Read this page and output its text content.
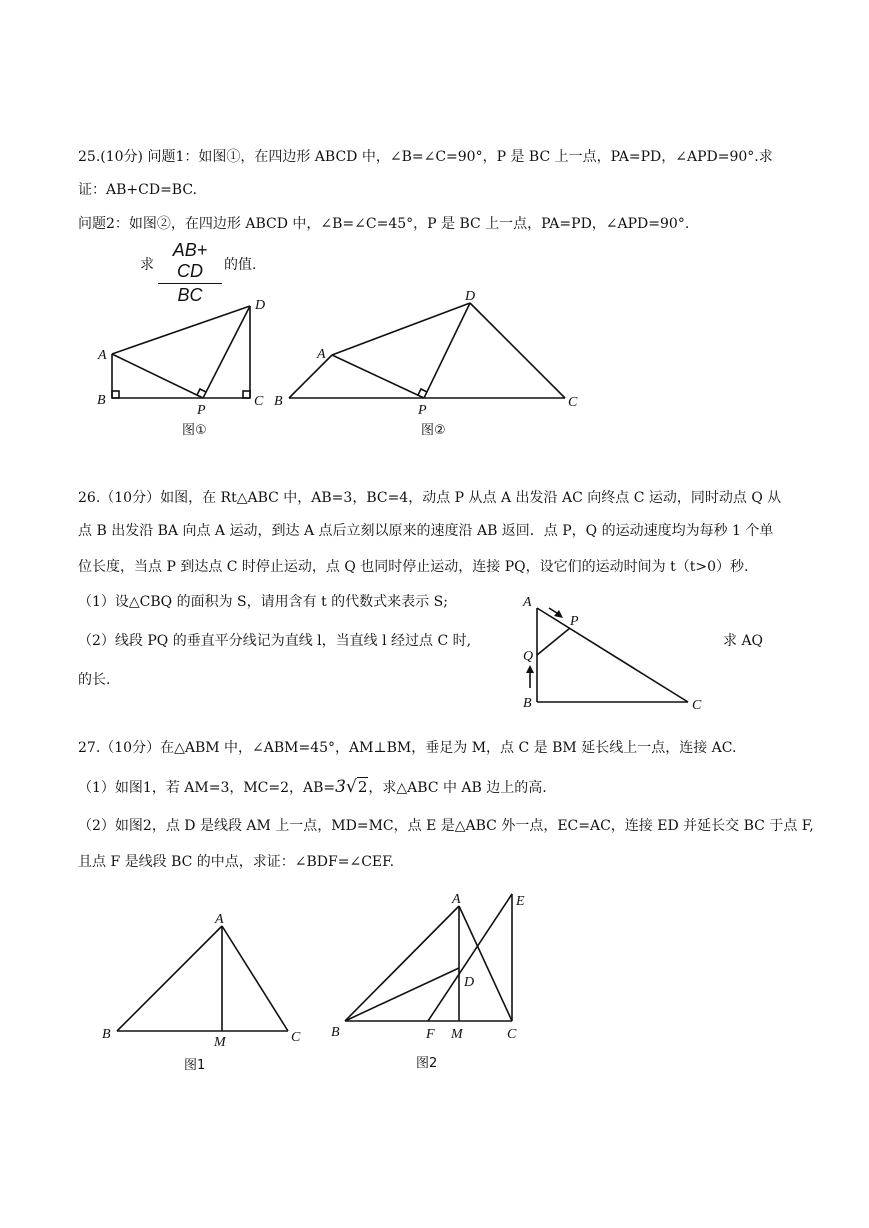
25.(10分) 问题1：如图①，在四边形 ABCD 中，∠B=∠C=90°，P 是 BC 上一点，PA=PD，∠APD=90°.求
证：AB+CD=BC.
问题2：如图②，在四边形 ABCD 中，∠B=∠C=45°，P 是 BC 上一点，PA=PD，∠APD=90°.
求
AB+ CD
BC
的值.
A
B	C
D
P
图①
A
B	C
D
P
图②
A
B	C
P
Q
A
B	C
M
图1
A
B	C
D
E
F M
图2
26.（10分）如图，在 Rt△ABC 中，AB=3，BC=4，动点 P 从点 A 出发沿 AC 向终点 C 运动，同时动点 Q 从
点 B 出发沿 BA 向点 A 运动，到达 A 点后立刻以原来的速度沿 AB 返回．点 P，Q 的运动速度均为每秒 1 个单
位长度，当点 P 到达点 C 时停止运动，点 Q 也同时停止运动，连接 PQ，设它们的运动时间为 t（t>0）秒.
（1）设△CBQ 的面积为 S，请用含有 t 的代数式来表示 S;
（2）线段 PQ 的垂直平分线记为直线 l，当直线 l 经过点 C 时,	求 AQ
的长.
27.（10分）在△ABM 中，∠ABM=45°，AM⊥BM，垂足为 M，点 C 是 BM 延长线上一点，连接 AC.
（1）如图1，若 AM=3，MC=2，AB=3√2，求△ABC 中 AB 边上的高.
（2）如图2，点 D 是线段 AM 上一点，MD=MC，点 E 是△ABC 外一点，EC=AC，连接 ED 并延长交 BC 于点 F,
且点 F 是线段 BC 的中点，求证：∠BDF=∠CEF.
